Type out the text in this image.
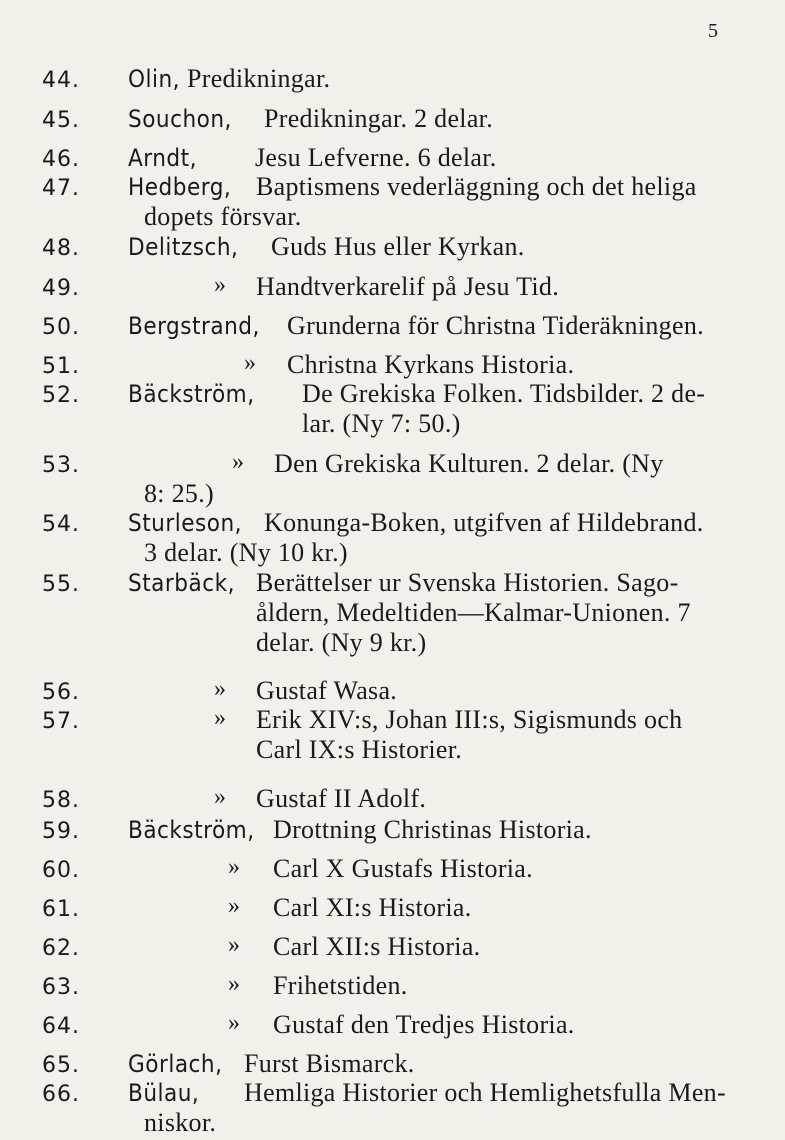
5
44. Olin, Predikningar.
45. Souchon, Predikningar. 2 delar.
46. Arndt, Jesu Lefverne. 6 delar.
47. Hedberg, Baptismens vederläggning och det heliga
dopets försvar.
48. Delitzsch, Guds Hus eller Kyrkan.
49.	» Handtverkarelif på Jesu Tid.
50. Bergstrand, Grunderna för Christna Tideräkningen.
51.	» Christna Kyrkans Historia.
52. Bäckström, De Grekiska Folken. Tidsbilder. 2 de-
lar. (Ny 7: 50.)
53.	» Den Grekiska Kulturen. 2 delar. (Ny
8: 25.)
54. Sturleson, Konunga-Boken, utgifven af Hildebrand.
3 delar. (Ny 10 kr.)
55. Starbäck, Berättelser ur Svenska Historien. Sago-
åldern, Medeltiden—Kalmar-Unionen. 7
delar. (Ny 9 kr.)
56.	» Gustaf Wasa.
57.	» Erik XIV:s, Johan III:s, Sigismunds och
Carl IX:s Historier.
58.	» Gustaf II Adolf.
59. Bäckström, Drottning Christinas Historia.
60.	» Carl X Gustafs Historia.
61.	» Carl XI:s Historia.
62.	» Carl XII:s Historia.
63.	» Frihetstiden.
64.	» Gustaf den Tredjes Historia.
65. Görlach, Furst Bismarck.
66. Bülau, Hemliga Historier och Hemlighetsfulla Men-
niskor.
